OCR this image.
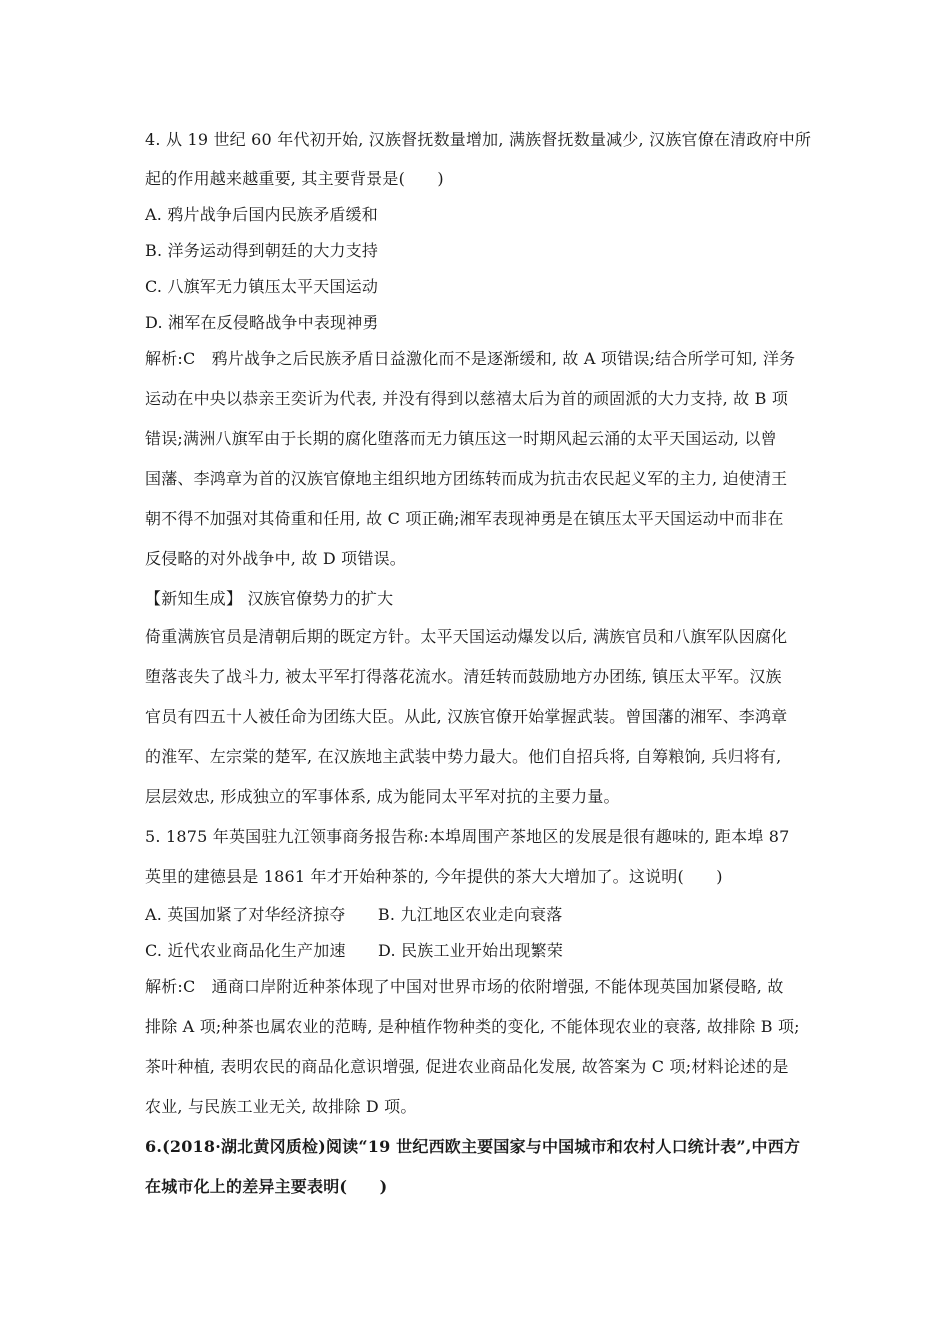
4. 从 19 世纪 60 年代初开始, 汉族督抚数量增加, 满族督抚数量减少, 汉族官僚在清政府中所
起的作用越来越重要, 其主要背景是(　　)
A. 鸦片战争后国内民族矛盾缓和
B. 洋务运动得到朝廷的大力支持
C. 八旗军无力镇压太平天国运动
D. 湘军在反侵略战争中表现神勇
解析:C　鸦片战争之后民族矛盾日益激化而不是逐渐缓和, 故 A 项错误;结合所学可知, 洋务
运动在中央以恭亲王奕䜣为代表, 并没有得到以慈禧太后为首的顽固派的大力支持, 故 B 项
错误;满洲八旗军由于长期的腐化堕落而无力镇压这一时期风起云涌的太平天国运动, 以曾
国藩、李鸿章为首的汉族官僚地主组织地方团练转而成为抗击农民起义军的主力, 迫使清王
朝不得不加强对其倚重和任用, 故 C 项正确;湘军表现神勇是在镇压太平天国运动中而非在
反侵略的对外战争中, 故 D 项错误。
【新知生成】 汉族官僚势力的扩大
倚重满族官员是清朝后期的既定方针。太平天国运动爆发以后, 满族官员和八旗军队因腐化
堕落丧失了战斗力, 被太平军打得落花流水。清廷转而鼓励地方办团练, 镇压太平军。汉族
官员有四五十人被任命为团练大臣。从此, 汉族官僚开始掌握武装。曾国藩的湘军、李鸿章
的淮军、左宗棠的楚军, 在汉族地主武装中势力最大。他们自招兵将, 自筹粮饷, 兵归将有,
层层效忠, 形成独立的军事体系, 成为能同太平军对抗的主要力量。
5. 1875 年英国驻九江领事商务报告称:本埠周围产茶地区的发展是很有趣味的, 距本埠 87
英里的建德县是 1861 年才开始种茶的, 今年提供的茶大大增加了。这说明(　　)
A. 英国加紧了对华经济掠夺　　B. 九江地区农业走向衰落
C. 近代农业商品化生产加速　　D. 民族工业开始出现繁荣
解析:C　通商口岸附近种茶体现了中国对世界市场的依附增强, 不能体现英国加紧侵略, 故
排除 A 项;种茶也属农业的范畴, 是种植作物种类的变化, 不能体现农业的衰落, 故排除 B 项;
茶叶种植, 表明农民的商品化意识增强, 促进农业商品化发展, 故答案为 C 项;材料论述的是
农业, 与民族工业无关, 故排除 D 项。
6.(2018·湖北黄冈质检)阅读“19 世纪西欧主要国家与中国城市和农村人口统计表”,中西方
在城市化上的差异主要表明(　　)
